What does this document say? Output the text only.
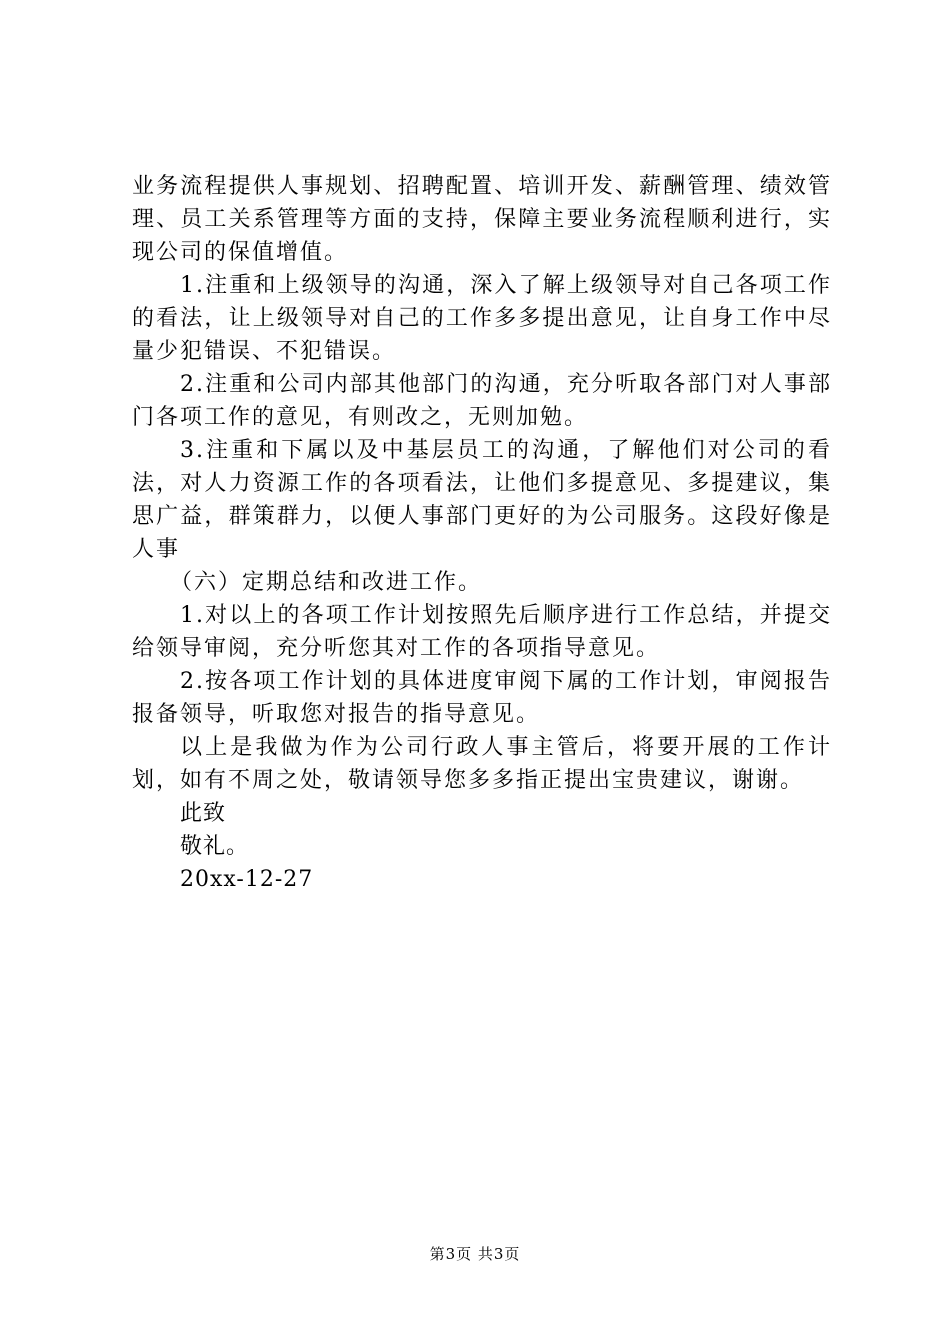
业务流程提供人事规划、招聘配置、培训开发、薪酬管理、绩效管理、员工关系管理等方面的支持，保障主要业务流程顺利进行，实现公司的保值增值。

1.注重和上级领导的沟通，深入了解上级领导对自己各项工作的看法，让上级领导对自己的工作多多提出意见，让自身工作中尽量少犯错误、不犯错误。

2.注重和公司内部其他部门的沟通，充分听取各部门对人事部门各项工作的意见，有则改之，无则加勉。

3.注重和下属以及中基层员工的沟通，了解他们对公司的看法，对人力资源工作的各项看法，让他们多提意见、多提建议，集思广益，群策群力，以便人事部门更好的为公司服务。这段好像是人事

（六）定期总结和改进工作。

1.对以上的各项工作计划按照先后顺序进行工作总结，并提交给领导审阅，充分听您其对工作的各项指导意见。

2.按各项工作计划的具体进度审阅下属的工作计划，审阅报告报备领导，听取您对报告的指导意见。

以上是我做为作为公司行政人事主管后，将要开展的工作计划，如有不周之处，敬请领导您多多指正提出宝贵建议，谢谢。

此致

敬礼。

20xx-12-27

第3页 共3页
